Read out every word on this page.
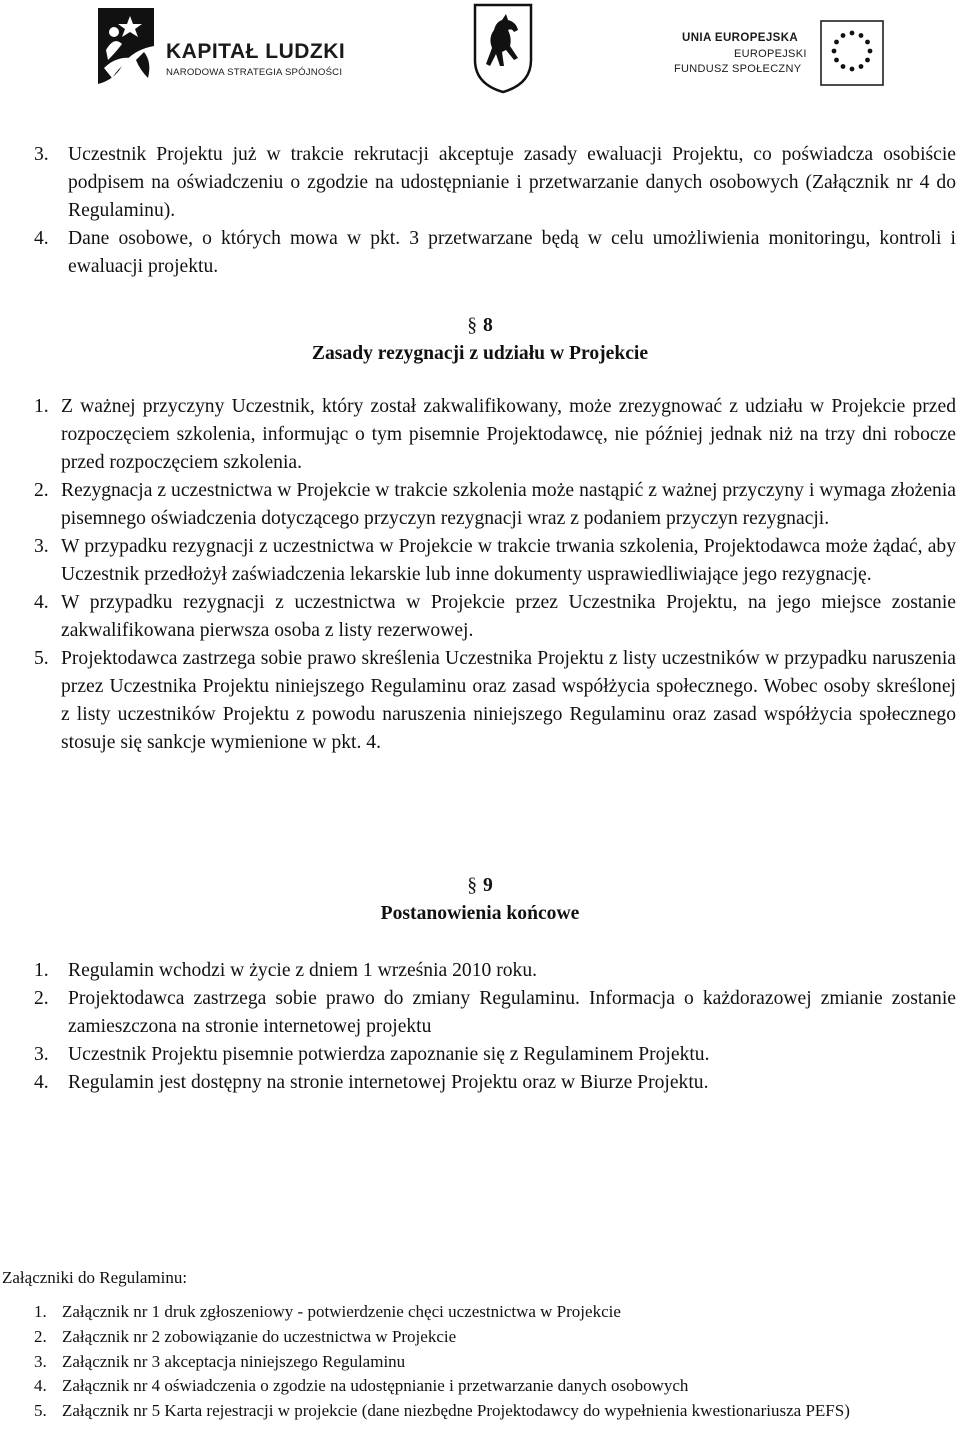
KAPITAŁ LUDZKI
NARODOWA STRATEGIA SPÓJNOŚCI
UNIA EUROPEJSKA
EUROPEJSKI
FUNDUSZ SPOŁECZNY
3. Uczestnik Projektu już w trakcie rekrutacji akceptuje zasady ewaluacji Projektu, co poświadcza osobiście podpisem na oświadczeniu o zgodzie na udostępnianie i przetwarzanie danych osobowych (Załącznik nr 4 do Regulaminu).
4. Dane osobowe, o których mowa w pkt. 3 przetwarzane będą w celu umożliwienia monitoringu, kontroli i ewaluacji projektu.
§ 8
Zasady rezygnacji z udziału w Projekcie
1. Z ważnej przyczyny Uczestnik, który został zakwalifikowany, może zrezygnować z udziału w Projekcie przed rozpoczęciem szkolenia, informując o tym pisemnie Projektodawcę, nie później jednak niż na trzy dni robocze przed rozpoczęciem szkolenia.
2. Rezygnacja z uczestnictwa w Projekcie w trakcie szkolenia może nastąpić z ważnej przyczyny i wymaga złożenia pisemnego oświadczenia dotyczącego przyczyn rezygnacji wraz z podaniem przyczyn rezygnacji.
3. W przypadku rezygnacji z uczestnictwa w Projekcie w trakcie trwania szkolenia, Projektodawca może żądać, aby Uczestnik przedłożył zaświadczenia lekarskie lub inne dokumenty usprawiedliwiające jego rezygnację.
4. W przypadku rezygnacji z uczestnictwa w Projekcie przez Uczestnika Projektu, na jego miejsce zostanie zakwalifikowana pierwsza osoba z listy rezerwowej.
5. Projektodawca zastrzega sobie prawo skreślenia Uczestnika Projektu z listy uczestników w przypadku naruszenia przez Uczestnika Projektu niniejszego Regulaminu oraz zasad współżycia społecznego. Wobec osoby skreślonej z listy uczestników Projektu z powodu naruszenia niniejszego Regulaminu oraz zasad współżycia społecznego stosuje się sankcje wymienione w pkt. 4.
§ 9
Postanowienia końcowe
1. Regulamin wchodzi w życie z dniem 1 września 2010 roku.
2. Projektodawca zastrzega sobie prawo do zmiany Regulaminu. Informacja o każdorazowej zmianie zostanie zamieszczona na stronie internetowej projektu
3. Uczestnik Projektu pisemnie potwierdza zapoznanie się z Regulaminem Projektu.
4. Regulamin jest dostępny na stronie internetowej Projektu oraz w Biurze Projektu.
Załączniki do Regulaminu:
1. Załącznik nr 1 druk zgłoszeniowy - potwierdzenie chęci uczestnictwa w Projekcie
2. Załącznik nr 2 zobowiązanie do uczestnictwa w Projekcie
3. Załącznik nr 3 akceptacja niniejszego Regulaminu
4. Załącznik nr 4 oświadczenia o zgodzie na udostępnianie i przetwarzanie danych osobowych
5. Załącznik nr 5 Karta rejestracji w projekcie (dane niezbędne Projektodawcy do wypełnienia kwestionariusza PEFS)
